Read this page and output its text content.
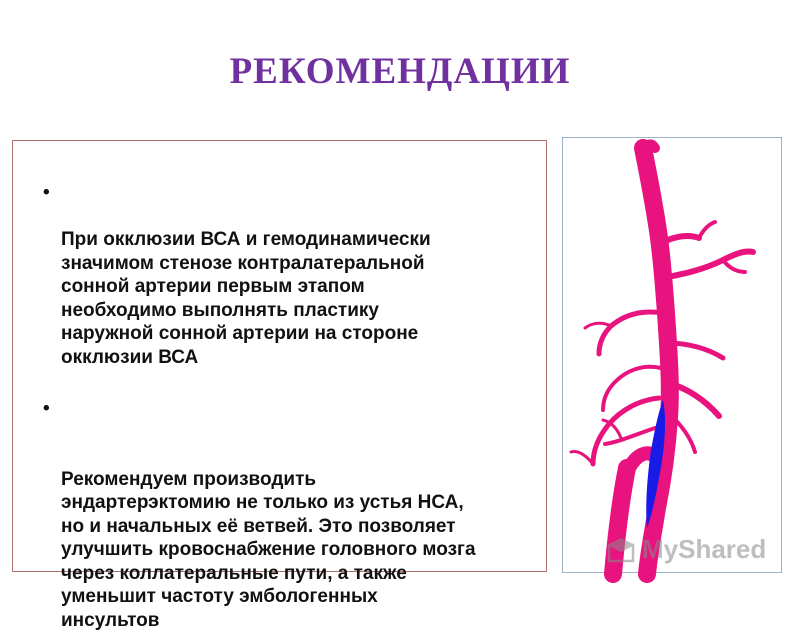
РЕКОМЕНДАЦИИ

•

При окклюзии ВСА и гемодинамически
значимом стенозе контралатеральной
сонной артерии первым этапом
необходимо выполнять пластику
наружной сонной артерии на стороне
окклюзии ВСА

•

Рекомендуем производить
эндартерэктомию не только из устья НСА,
но и начальных её ветвей. Это позволяет
улучшить кровоснабжение головного мозга
через коллатеральные пути, а также
уменьшит частоту эмбологенных
инсультов

MyShared
